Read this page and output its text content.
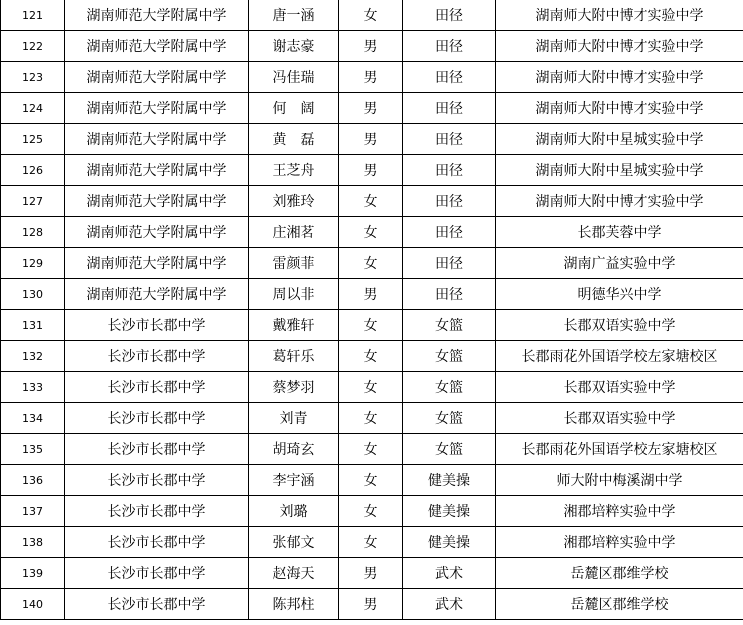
121	湖南师范大学附属中学	唐一涵	女	田径	湖南师大附中博才实验中学
122	湖南师范大学附属中学	谢志豪	男	田径	湖南师大附中博才实验中学
123	湖南师范大学附属中学	冯佳瑞	男	田径	湖南师大附中博才实验中学
124	湖南师范大学附属中学	何　阔	男	田径	湖南师大附中博才实验中学
125	湖南师范大学附属中学	黄　磊	男	田径	湖南师大附中星城实验中学
126	湖南师范大学附属中学	王芝舟	男	田径	湖南师大附中星城实验中学
127	湖南师范大学附属中学	刘雅玲	女	田径	湖南师大附中博才实验中学
128	湖南师范大学附属中学	庄湘茗	女	田径	长郡芙蓉中学
129	湖南师范大学附属中学	雷颜菲	女	田径	湖南广益实验中学
130	湖南师范大学附属中学	周以非	男	田径	明德华兴中学
131	长沙市长郡中学	戴雅轩	女	女篮	长郡双语实验中学
132	长沙市长郡中学	葛轩乐	女	女篮	长郡雨花外国语学校左家塘校区
133	长沙市长郡中学	蔡梦羽	女	女篮	长郡双语实验中学
134	长沙市长郡中学	刘青	女	女篮	长郡双语实验中学
135	长沙市长郡中学	胡琦玄	女	女篮	长郡雨花外国语学校左家塘校区
136	长沙市长郡中学	李宇涵	女	健美操	师大附中梅溪湖中学
137	长沙市长郡中学	刘璐	女	健美操	湘郡培粹实验中学
138	长沙市长郡中学	张郁文	女	健美操	湘郡培粹实验中学
139	长沙市长郡中学	赵海天	男	武术	岳麓区郡维学校
140	长沙市长郡中学	陈邦柱	男	武术	岳麓区郡维学校
